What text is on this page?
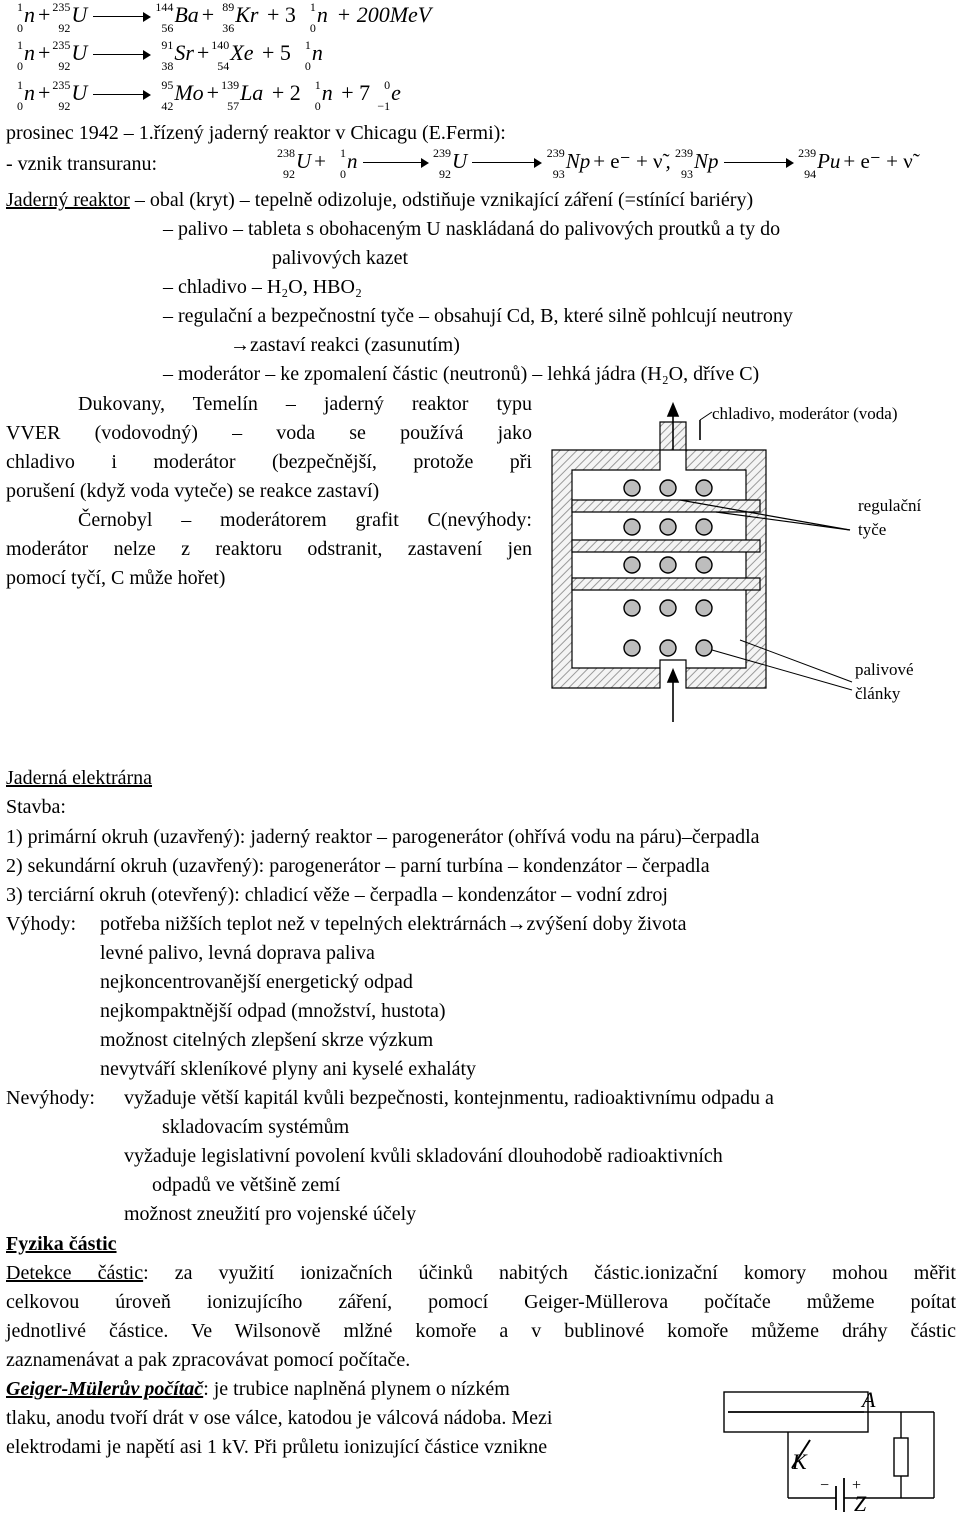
1
0
n + 235
92
U	144
56
Ba + 89
36
Kr + 3 1
0
n + 200MeV
1
0
n + 235
92
U	91
38
Sr + 140
54
Xe + 5 1
0
n
1
0
n + 235
92
U	95
42
Mo + 139
57
La + 2 1
0
n + 7 0
−1
e
prosinec 1942 – 1.řízený jaderný reaktor v Chicagu (E.Fermi):
- vznik transuranu:	238
92
U + 1
0
n	239
92
U	239
93
Np + e⁻ + ν̃ , 239
93
Np	239
94
Pu + e⁻ + ν̃
Jaderný reaktor – obal (kryt) – tepelně odizoluje, odstiňuje vznikající záření (=stínící bariéry)
– palivo – tableta s obohaceným U naskládaná do palivových proutků a ty do
palivových kazet
– chladivo – H₂O, HBO₂
– regulační a bezpečnostní tyče – obsahují Cd, B, které silně pohlcují neutrony
→zastaví reakci (zasunutím)
– moderátor – ke zpomalení částic (neutronů) – lehká jádra (H₂O, dříve C)
Dukovany, Temelín – jaderný reaktor typu
VVER (vodovodný) – voda se používá jako
chladivo i moderátor (bezpečnější, protože při
porušení (když voda vyteče) se reakce zastaví)
Černobyl – moderátorem grafit C(nevýhody:
moderátor nelze z reaktoru odstranit, zastavení jen
pomocí tyčí, C může hořet)
chladivo, moderátor (voda)
regulační
tyče
palivové
články
Jaderná elektrárna
Stavba:
1) primární okruh (uzavřený): jaderný reaktor – parogenerátor (ohřívá vodu na páru)–čerpadla
2) sekundární okruh (uzavřený): parogenerátor – parní turbína – kondenzátor – čerpadla
3) terciární okruh (otevřený): chladicí věže – čerpadla – kondenzátor – vodní zdroj
Výhody: potřeba nižších teplot než v tepelných elektrárnách→zvýšení doby života
levné palivo, levná doprava paliva
nejkoncentrovanější energetický odpad
nejkompaktnější odpad (množství, hustota)
možnost citelných zlepšení skrze výzkum
nevytváří skleníkové plyny ani kyselé exhaláty
Nevýhody: vyžaduje větší kapitál kvůli bezpečnosti, kontejnmentu, radioaktivnímu odpadu a
skladovacím systémům
vyžaduje legislativní povolení kvůli skladování dlouhodobě radioaktivních
odpadů ve většině zemí
možnost zneužití pro vojenské účely
Fyzika částic
Detekce částic: za využití ionizačních účinků nabitých částic.ionizační komory mohou měřit
celkovou úroveň ionizujícího záření, pomocí Geiger-Müllerova počítače můžeme poítat
jednotlivé částice. Ve Wilsonově mlžné komoře a v bublinové komoře můžeme dráhy částic
zaznamenávat a pak zpracovávat pomocí počítače.
Geiger-Mülerův počítač: je trubice naplněná plynem o nízkém
tlaku, anodu tvoří drát v ose válce, katodou je válcová nádoba. Mezi
elektrodami je napětí asi 1 kV. Při průletu ionizující částice vznikne
A
K
− +
Z
